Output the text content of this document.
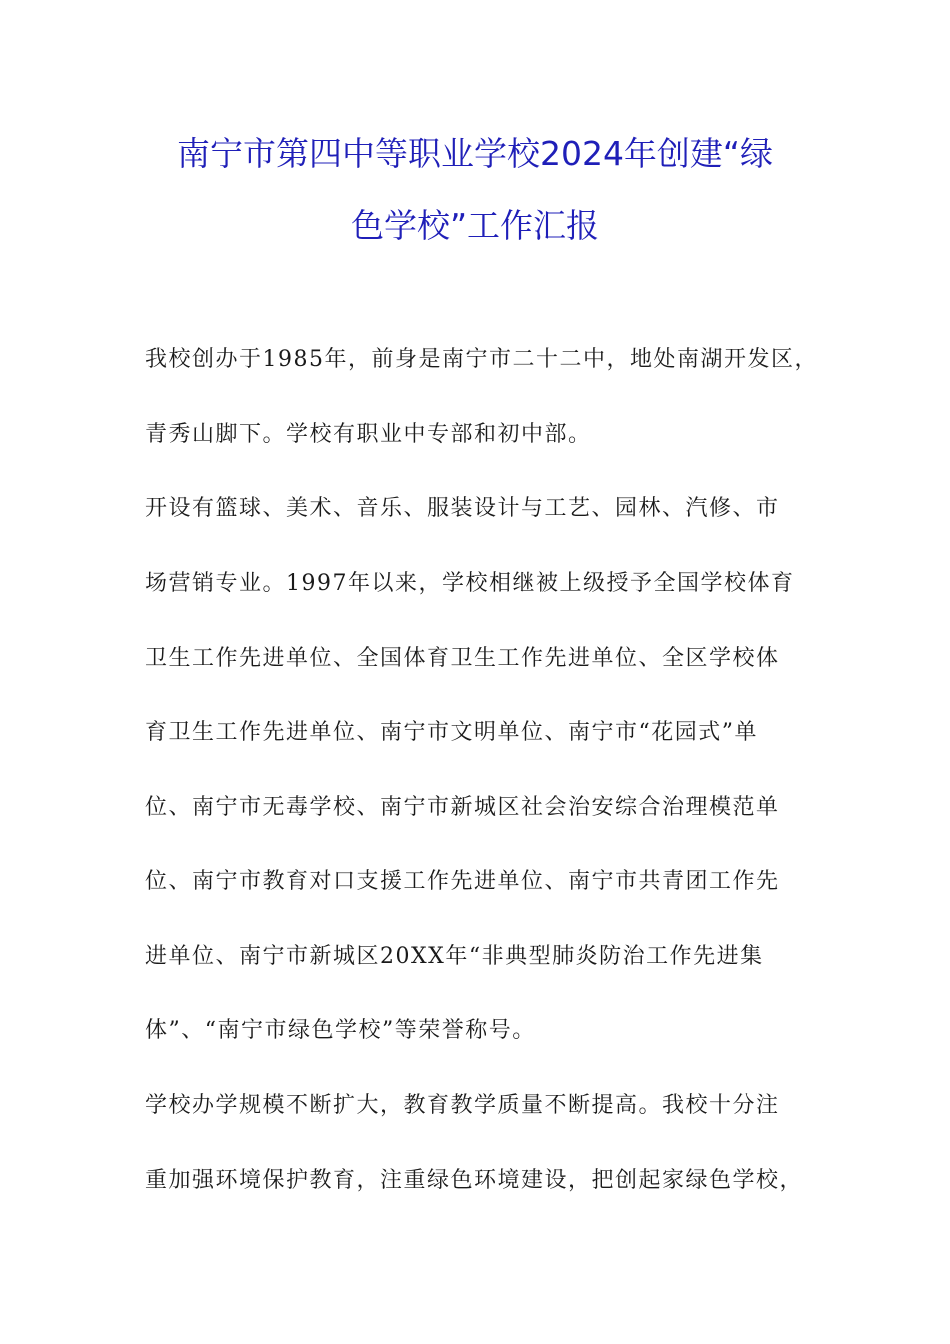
南宁市第四中等职业学校2024年创建“绿
色学校”工作汇报
我校创办于1985年，前身是南宁市二十二中，地处南湖开发区，
青秀山脚下。学校有职业中专部和初中部。
开设有篮球、美术、音乐、服装设计与工艺、园林、汽修、市
场营销专业。1997年以来，学校相继被上级授予全国学校体育
卫生工作先进单位、全国体育卫生工作先进单位、全区学校体
育卫生工作先进单位、南宁市文明单位、南宁市“花园式”单
位、南宁市无毒学校、南宁市新城区社会治安综合治理模范单
位、南宁市教育对口支援工作先进单位、南宁市共青团工作先
进单位、南宁市新城区20XX年“非典型肺炎防治工作先进集
体”、“南宁市绿色学校”等荣誉称号。
学校办学规模不断扩大，教育教学质量不断提高。我校十分注
重加强环境保护教育，注重绿色环境建设，把创起家绿色学校，
